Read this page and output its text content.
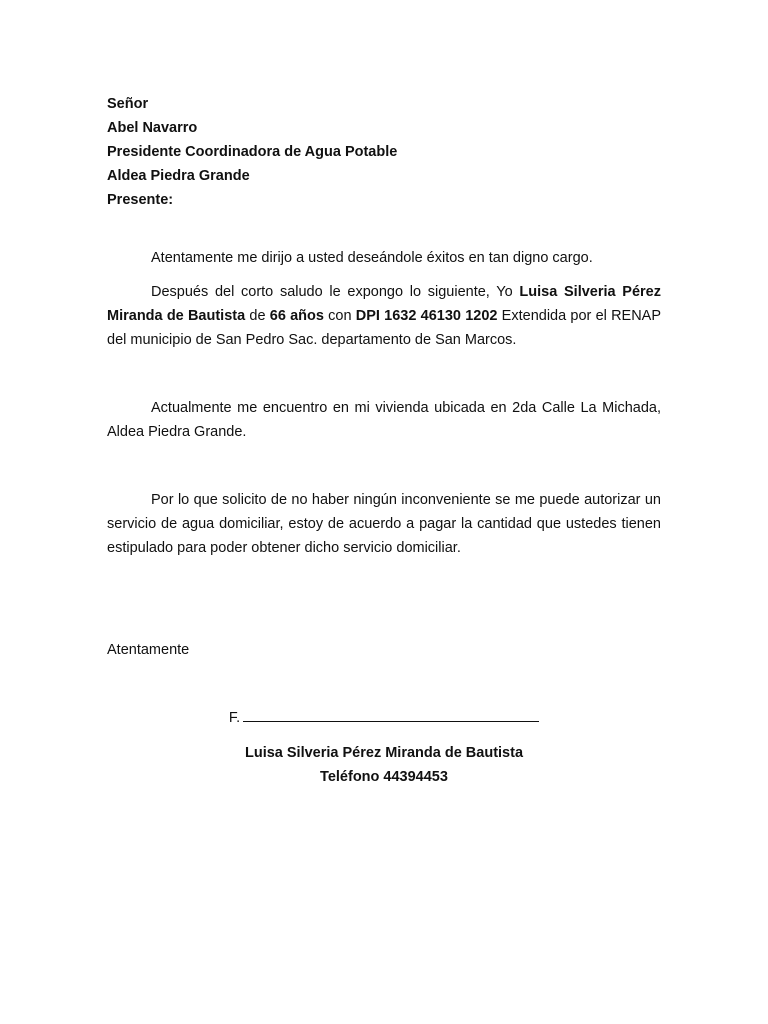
Señor
Abel Navarro
Presidente Coordinadora de Agua Potable
Aldea Piedra Grande
Presente:
Atentamente me dirijo a usted deseándole éxitos en tan digno cargo.
Después del corto saludo le expongo lo siguiente, Yo Luisa Silveria Pérez Miranda de Bautista de 66 años con DPI 1632 46130 1202 Extendida por el RENAP del municipio de San Pedro Sac. departamento de San Marcos.
Actualmente me encuentro en mi vivienda ubicada en 2da Calle La Michada, Aldea Piedra Grande.
Por lo que solicito de no haber ningún inconveniente se me puede autorizar un servicio de agua domiciliar, estoy de acuerdo a pagar la cantidad que ustedes tienen estipulado para poder obtener dicho servicio domiciliar.
Atentamente
F.
Luisa Silveria Pérez Miranda de Bautista
Teléfono 44394453
